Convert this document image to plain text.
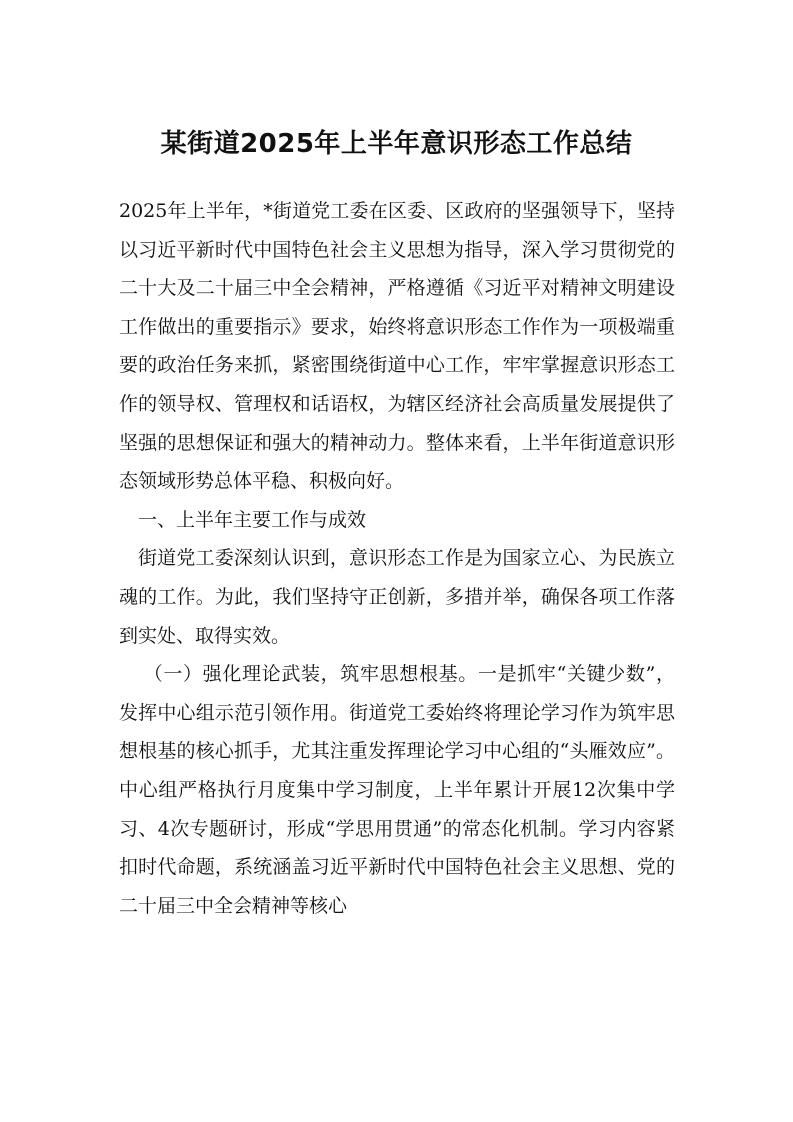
某街道2025年上半年意识形态工作总结

2025年上半年，*街道党工委在区委、区政府的坚强领导下，坚持以习近平新时代中国特色社会主义思想为指导，深入学习贯彻党的二十大及二十届三中全会精神，严格遵循《习近平对精神文明建设工作做出的重要指示》要求，始终将意识形态工作作为一项极端重要的政治任务来抓，紧密围绕街道中心工作，牢牢掌握意识形态工作的领导权、管理权和话语权，为辖区经济社会高质量发展提供了坚强的思想保证和强大的精神动力。整体来看，上半年街道意识形态领域形势总体平稳、积极向好。

一、上半年主要工作与成效

街道党工委深刻认识到，意识形态工作是为国家立心、为民族立魂的工作。为此，我们坚持守正创新，多措并举，确保各项工作落到实处、取得实效。

（一）强化理论武装，筑牢思想根基。一是抓牢“关键少数”，发挥中心组示范引领作用。街道党工委始终将理论学习作为筑牢思想根基的核心抓手，尤其注重发挥理论学习中心组的“头雁效应”。中心组严格执行月度集中学习制度，上半年累计开展12次集中学习、4次专题研讨，形成“学思用贯通”的常态化机制。学习内容紧扣时代命题，系统涵盖习近平新时代中国特色社会主义思想、党的二十届三中全会精神等核心
